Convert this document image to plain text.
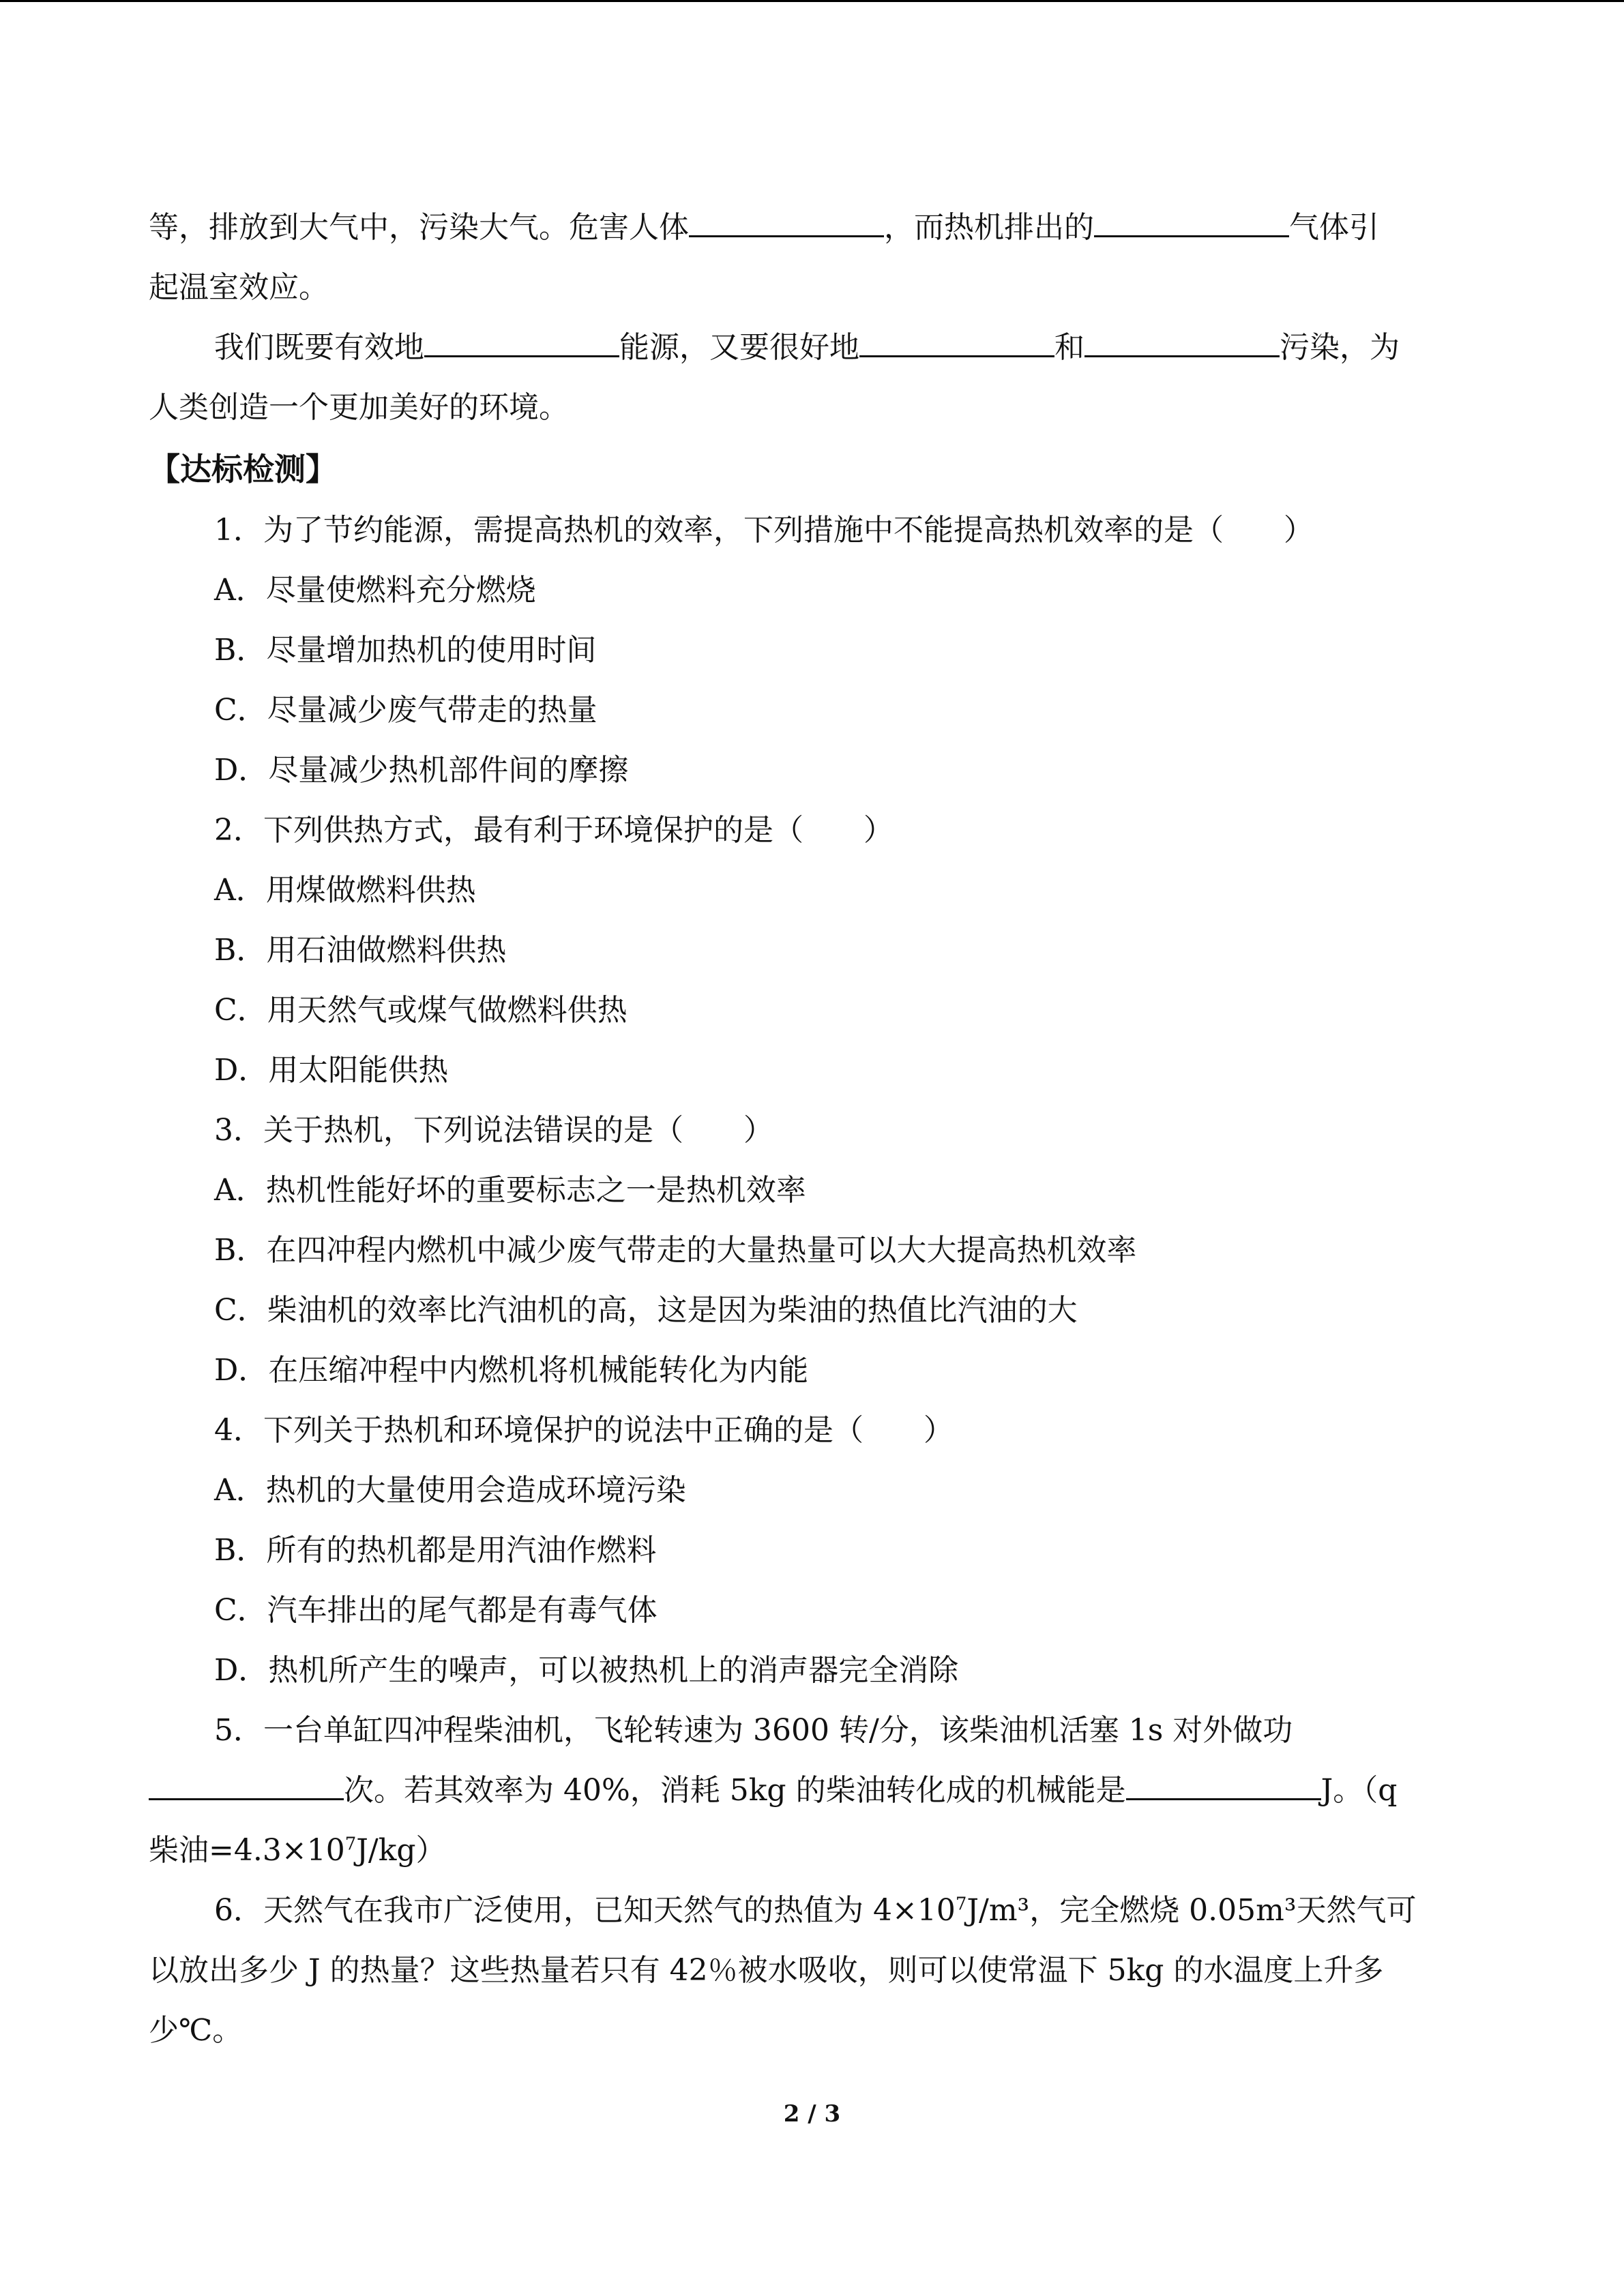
等，排放到大气中，污染大气。危害人体	，而热机排出的	气体引

起温室效应。

我们既要有效地	能源，又要很好地	和	污染，为

人类创造一个更加美好的环境。

【达标检测】

1．为了节约能源，需提高热机的效率，下列措施中不能提高热机效率的是（　　）

A．尽量使燃料充分燃烧

B．尽量增加热机的使用时间

C．尽量减少废气带走的热量

D．尽量减少热机部件间的摩擦

2．下列供热方式，最有利于环境保护的是（　　）

A．用煤做燃料供热

B．用石油做燃料供热

C．用天然气或煤气做燃料供热

D．用太阳能供热

3．关于热机，下列说法错误的是（　　）

A．热机性能好坏的重要标志之一是热机效率

B．在四冲程内燃机中减少废气带走的大量热量可以大大提高热机效率

C．柴油机的效率比汽油机的高，这是因为柴油的热值比汽油的大

D．在压缩冲程中内燃机将机械能转化为内能

4．下列关于热机和环境保护的说法中正确的是（　　）

A．热机的大量使用会造成环境污染

B．所有的热机都是用汽油作燃料

C．汽车排出的尾气都是有毒气体

D．热机所产生的噪声，可以被热机上的消声器完全消除

5．一台单缸四冲程柴油机，飞轮转速为 3600 转/分，该柴油机活塞 1s 对外做功

次。若其效率为 40%，消耗 5kg 的柴油转化成的机械能是	J。（q

柴油$=4.3\times 10^7J/kg$）

6．天然气在我市广泛使用，已知天然气的热值为 $4\times 10^7J/m^3$，完全燃烧 0.05m³天然气可

以放出多少 J 的热量？这些热量若只有 42％被水吸收，则可以使常温下 5kg 的水温度上升多

少℃。

2 / 3
